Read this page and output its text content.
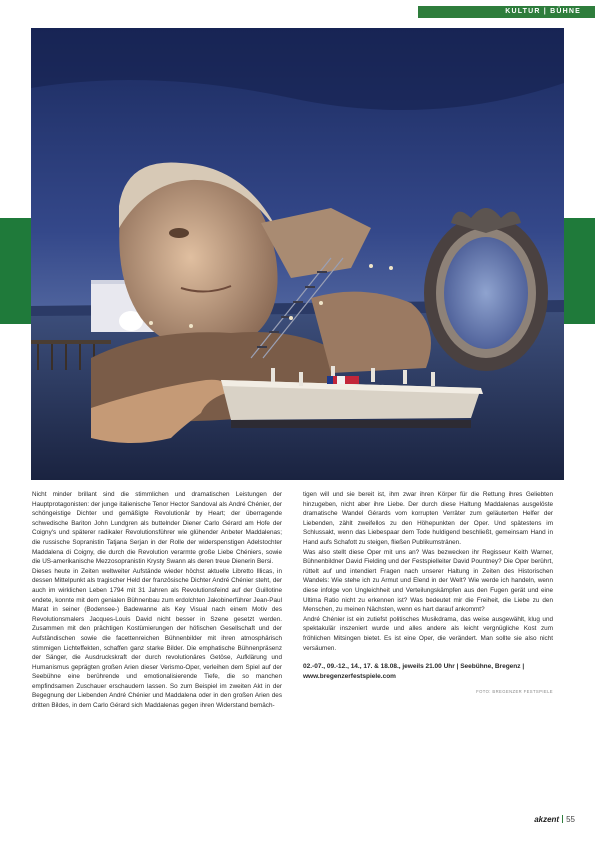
KULTUR | BÜHNE

Nicht minder brillant sind die stimmlichen und dramatischen Leistungen der Hauptprotagonisten: der junge italienische Tenor Hector Sandoval als André Chénier, der schöngeistige Dichter und gemäßigte Revolutionär by Heart; der überragende schwedische Bariton John Lundgren als buttelnder Diener Carlo Gérard am Hofe der Coigny's und späterer radikaler Revolutionsführer wie glühender Anbeter Maddalenas; die russische Sopranistin Tatjana Serjan in der Rolle der widerspenstigen Adelstochter Maddalena di Coigny, die durch die Revolution verarmte große Liebe Chéniers, sowie die US-amerikanische Mezzosopranistin Krysty Swann als deren treue Dienerin Bersi.

Dieses heute in Zeiten weltweiter Aufstände wieder höchst aktuelle Libretto Illicas, in dessen Mittelpunkt als tragischer Held der französische Dichter André Chénier steht, der auch im wirklichen Leben 1794 mit 31 Jahren als Revolutionsfeind auf der Guillotine endete, konnte mit dem genialen Bühnenbau zum erdolchten Jakobinerführer Jean-Paul Marat in seiner (Bodensee-) Badewanne als Key Visual nach einem Motiv des Revolutionsmalers Jacques-Louis David nicht besser in Szene gesetzt werden. Zusammen mit den prächtigen Kostümierungen der höfischen Gesellschaft und der Aufständischen sowie die facettenreichen Bühnenbilder mit ihren atmosphärisch stimmigen Lichteffekten, schaffen ganz starke Bilder. Die emphatische Bühnenpräsenz der Sänger, die Ausdruckskraft der durch revolutionäres Getöse, Aufklärung und Humanismus geprägten großen Arien dieser Verismo-Oper, verleihen dem Spiel auf der Seebühne eine berührende und emotionalisierende Tiefe, die so manchen empfindsamen Zuschauer erschaudern lassen. So zum Beispiel im zweiten Akt in der Begegnung der Liebenden André Chénier und Maddalena oder in den großen Arien des dritten Bildes, in dem Carlo Gérard sich Maddalenas gegen ihren Widerstand bemäch-

tigen will und sie bereit ist, ihm zwar ihren Körper für die Rettung ihres Geliebten hinzugeben, nicht aber ihre Liebe. Der durch diese Haltung Maddalenas ausgelöste dramatische Wandel Gérards vom korrupten Verräter zum geläuterten Helfer der Liebenden, zählt zweifellos zu den Höhepunkten der Oper. Und spätestens im Schlussakt, wenn das Liebespaar dem Tode huldigend beschließt, gemeinsam Hand in Hand aufs Schafott zu steigen, fließen Publikumstränen.

Was also stellt diese Oper mit uns an? Was bezwecken ihr Regisseur Keith Warner, Bühnenbildner David Fielding und der Festspielleiter David Pountney? Die Oper berührt, rüttelt auf und intendiert Fragen nach unserer Haltung in Zeiten des Historischen Wandels: Wie stehe ich zu Armut und Elend in der Welt? Wie werde ich handeln, wenn diese infolge von Ungleichheit und Verteilungskämpfen aus den Fugen gerät und eine Ultima Ratio nicht zu erkennen ist? Was bedeutet mir die Freiheit, die Liebe zu den Menschen, zu meinen Nächsten, wenn es hart darauf ankommt?

André Chénier ist ein zutiefst politisches Musikdrama, das weise ausgewählt, klug und spektakulär inszeniert wurde und alles andere als leicht vergnügliche Kost zum fröhlichen Mitsingen bietet. Es ist eine Oper, die verändert. Man sollte sie also nicht versäumen.

02.-07., 09.-12., 14., 17. & 18.08., jeweils 21.00 Uhr | Seebühne, Bregenz | www.bregenzerfestspiele.com

FOTO: BREGENZER FESTSPIELE

akzent 55
